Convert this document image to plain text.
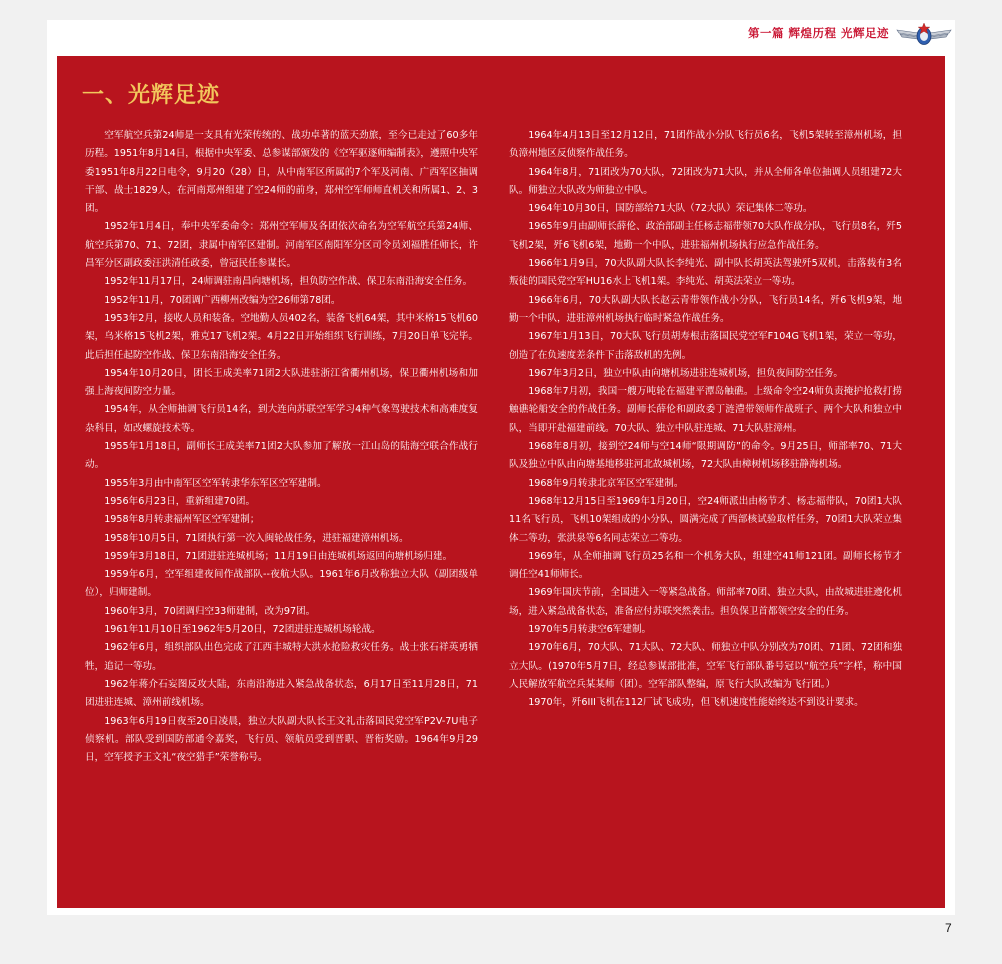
第一篇 辉煌历程 光辉足迹
一、光辉足迹

空军航空兵第24师是一支具有光荣传统的、战功卓著的蓝天劲旅，至今已走过了60多年历程。1951年8月14日，根据中央军委、总参谋部颁发的《空军驱逐师编制表》，遵照中央军委1951年8月22日电令，9月20（28）日，从中南军区所属的7个军及河南、广西军区抽调干部、战士1829人，在河南郑州组建了空24师的前身，郑州空军师师直机关和所属1、2、3团。

1952年1月4日，奉中央军委命令：郑州空军师及各团依次命名为空军航空兵第24师、航空兵第70、71、72团，隶属中南军区建制。河南军区南阳军分区司令员刘福胜任师长，许昌军分区副政委汪洪清任政委，曾冠民任参谋长。

1952年11月17日，24师调驻南昌向塘机场，担负防空作战、保卫东南沿海安全任务。

1952年11月，70团调广西柳州改编为空26师第78团。

1953年2月，接收人员和装备。空地勤人员402名，装备飞机64架，其中米格15飞机60架，乌米格15飞机2架，雅克17飞机2架。4月22日开始组织飞行训练，7月20日单飞完毕。此后担任起防空作战、保卫东南沿海安全任务。

1954年10月20日，团长王成美率71团2大队进驻浙江省衢州机场，保卫衢州机场和加强上海夜间防空力量。

1954年，从全师抽调飞行员14名，到大连向苏联空军学习4种气象驾驶技术和高难度复杂科目，如改螺旋技术等。

1955年1月18日，副师长王成美率71团2大队参加了解放一江山岛的陆海空联合作战行动。

1955年3月由中南军区空军转隶华东军区空军建制。

1956年6月23日，重新组建70团。

1958年8月转隶福州军区空军建制；

1958年10月5日，71团执行第一次入闽轮战任务，进驻福建漳州机场。

1959年3月18日，71团进驻连城机场；11月19日由连城机场返回向塘机场归建。

1959年6月，空军组建夜间作战部队--夜航大队。1961年6月改称独立大队（副团级单位），归师建制。

1960年3月，70团调归空33师建制，改为97团。

1961年11月10日至1962年5月20日，72团进驻连城机场轮战。

1962年6月，组织部队出色完成了江西丰城特大洪水抢险救灾任务。战士张石祥英勇牺牲，追记一等功。

1962年蒋介石妄图反攻大陆，东南沿海进入紧急战备状态，6月17日至11月28日，71团进驻连城、漳州前线机场。

1963年6月19日夜至20日凌晨，独立大队副大队长王文礼击落国民党空军P2V-7U电子侦察机。部队受到国防部通令嘉奖，飞行员、领航员受到晋职、晋衔奖励。1964年9月29日，空军授予王文礼“夜空猎手”荣誉称号。

1964年4月13日至12月12日，71团作战小分队飞行员6名，飞机5架转至漳州机场，担负漳州地区反侦察作战任务。

1964年8月，71团改为70大队，72团改为71大队，并从全师各单位抽调人员组建72大队。师独立大队改为师独立中队。

1964年10月30日，国防部给71大队（72大队）荣记集体二等功。

1965年9月由副师长薛伦、政治部副主任杨志福带领70大队作战分队，飞行员8名，歼5飞机2架，歼6飞机6架，地勤一个中队，进驻福州机场执行应急作战任务。

1966年1月9日，70大队副大队长李纯光、副中队长胡英法驾驶歼5双机，击落载有3名叛徒的国民党空军HU16水上飞机1架。李纯光、胡英法荣立一等功。

1966年6月，70大队副大队长赵云青带领作战小分队，飞行员14名，歼6飞机9架，地勤一个中队，进驻漳州机场执行临时紧急作战任务。

1967年1月13日，70大队飞行员胡寿根击落国民党空军F104G飞机1架，荣立一等功，创造了在负速度差条件下击落敌机的先例。

1967年3月2日，独立中队由向塘机场进驻连城机场，担负夜间防空任务。

1968年7月初，我国一艘万吨轮在福建平潭岛触礁。上级命令空24师负责掩护抢救打捞触礁轮船安全的作战任务。副师长薛伦和副政委丁涟澧带领师作战班子、两个大队和独立中队，当即开赴福建前线。70大队、独立中队驻连城、71大队驻漳州。

1968年8月初，接到空24师与空14师“限期调防”的命令。9月25日，师部率70、71大队及独立中队由向塘基地移驻河北故城机场，72大队由樟树机场移驻静海机场。

1968年9月转隶北京军区空军建制。

1968年12月15日至1969年1月20日，空24师派出由杨节才、杨志福带队，70团1大队11名飞行员，飞机10架组成的小分队，圆满完成了西部核试验取样任务，70团1大队荣立集体二等功，张洪泉等6名同志荣立二等功。

1969年，从全师抽调飞行员25名和一个机务大队，组建空41师121团。副师长杨节才调任空41师师长。

1969年国庆节前，全国进入一等紧急战备。师部率70团、独立大队，由故城进驻遵化机场，进入紧急战备状态，准备应付苏联突然袭击。担负保卫首都领空安全的任务。

1970年5月转隶空6军建制。

1970年6月，70大队、71大队、72大队、师独立中队分别改为70团、71团、72团和独立大队。(1970年5月7日，经总参谋部批准，空军飞行部队番号冠以“航空兵”字样，称中国人民解放军航空兵某某师（团）。空军部队整编，原飞行大队改编为飞行团。）

1970年，歼6III飞机在112厂试飞成功，但飞机速度性能始终达不到设计要求。

7
